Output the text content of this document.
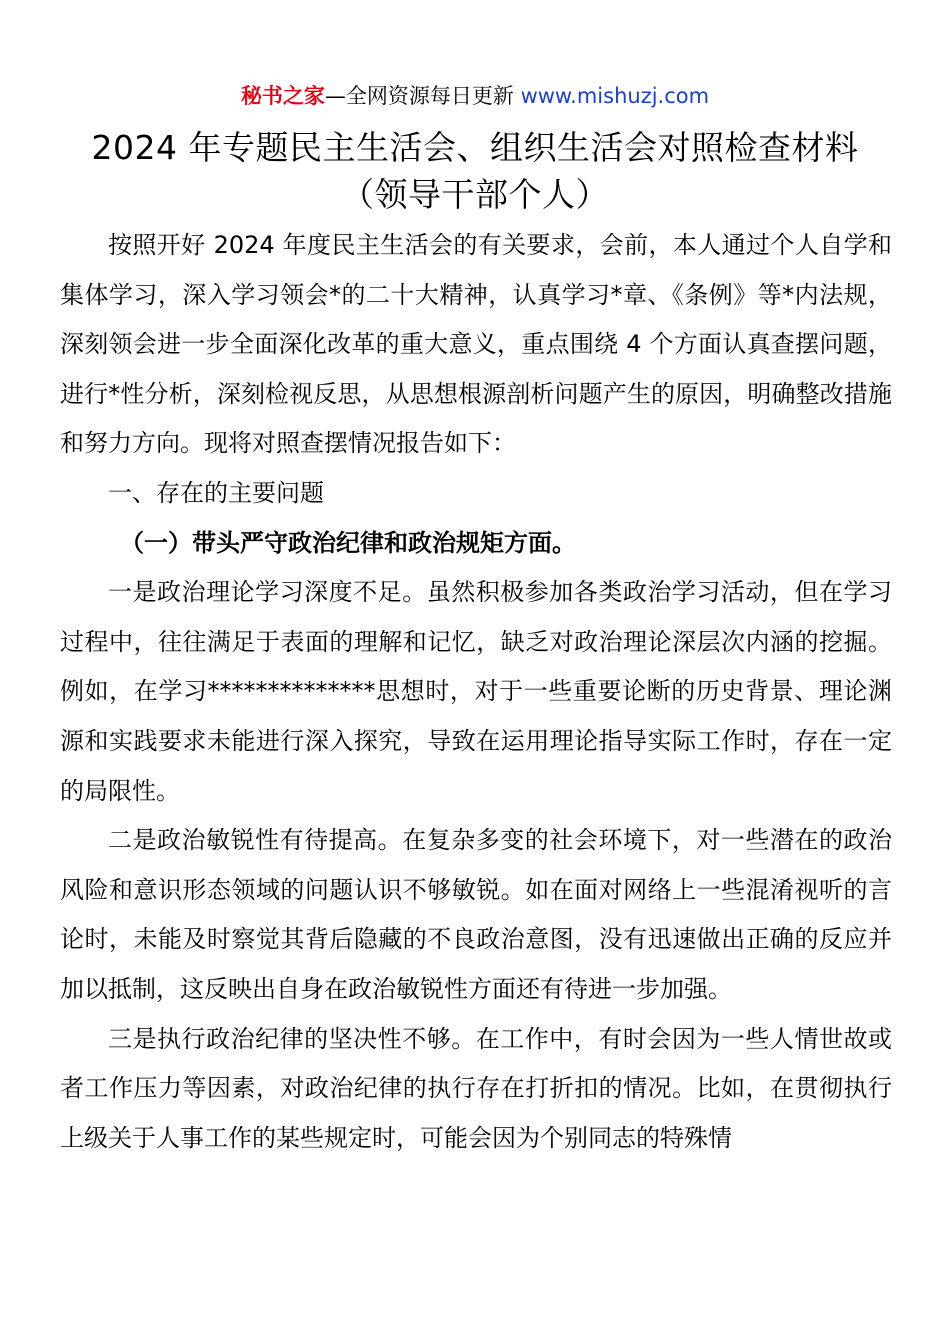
秘书之家—全网资源每日更新 www.mishuzj.com
2024 年专题民主生活会、组织生活会对照检查材料
（领导干部个人）

按照开好 2024 年度民主生活会的有关要求，会前，本人通过个人自学和集体学习，深入学习领会*的二十大精神，认真学习*章、《条例》等*内法规，深刻领会进一步全面深化改革的重大意义，重点围绕 4 个方面认真查摆问题，进行*性分析，深刻检视反思，从思想根源剖析问题产生的原因，明确整改措施和努力方向。现将对照查摆情况报告如下：

一、存在的主要问题

（一）带头严守政治纪律和政治规矩方面。

一是政治理论学习深度不足。虽然积极参加各类政治学习活动，但在学习过程中，往往满足于表面的理解和记忆，缺乏对政治理论深层次内涵的挖掘。例如，在学习**************思想时，对于一些重要论断的历史背景、理论渊源和实践要求未能进行深入探究，导致在运用理论指导实际工作时，存在一定的局限性。

二是政治敏锐性有待提高。在复杂多变的社会环境下，对一些潜在的政治风险和意识形态领域的问题认识不够敏锐。如在面对网络上一些混淆视听的言论时，未能及时察觉其背后隐藏的不良政治意图，没有迅速做出正确的反应并加以抵制，这反映出自身在政治敏锐性方面还有待进一步加强。

三是执行政治纪律的坚决性不够。在工作中，有时会因为一些人情世故或者工作压力等因素，对政治纪律的执行存在打折扣的情况。比如，在贯彻执行上级关于人事工作的某些规定时，可能会因为个别同志的特殊情
